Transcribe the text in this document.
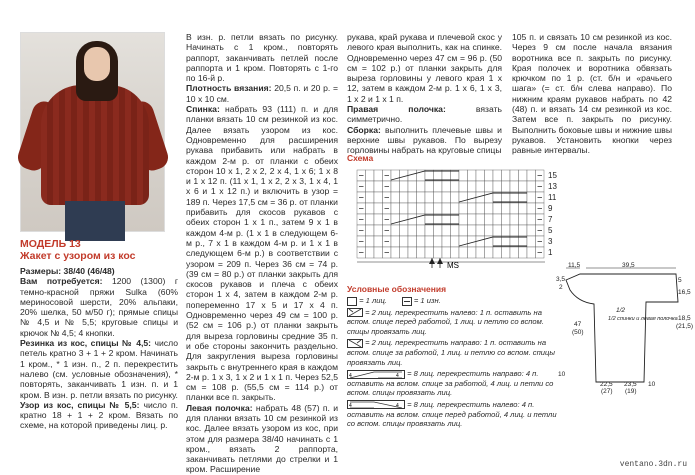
МОДЕЛЬ 13
Жакет с узором из кос

Размеры: 38/40 (46/48)

Вам потребуется: 1200 (1300) г темно-красной пряжи Sulka (60% мериносовой шерсти, 20% альпаки, 20% шелка, 50 м/50 г); прямые спицы № 4,5 и № 5,5; круговые спицы и крючок № 4,5; 4 кнопки.

Резинка из кос, спицы № 4,5: число петель кратно 3 + 1 + 2 кром. Начинать 1 кром., * 1 изн. п., 2 п. перекрестить налево (см. условные обозначения), * повторять, заканчивать 1 изн. п. и 1 кром. В изн. р. петли вязать по рисунку.

Узор из кос, спицы № 5,5: число п. кратно 18 + 1 + 2 кром. Вязать по схеме, на которой приведены лиц. р.

В изн. р. петли вязать по рисунку. Начинать с 1 кром., повторять раппорт, заканчивать петлей после раппорта и 1 кром. Повторять с 1-го по 16-й р.

Плотность вязания: 20,5 п. и 20 р. = 10 х 10 см.

Спинка: набрать 93 (111) п. и для планки вязать 10 см резинкой из кос. Далее вязать узором из кос. Одновременно для расширения рукава прибавить или набрать в каждом 2-м р. от планки с обеих сторон 10 х 1, 2 х 2, 2 х 4, 1 х 6; 1 х 8 и 1 х 12 п. (11 х 1, 1 х 2, 2 х 3, 1 х 4, 1 х 6 и 1 х 12 п.) и включить в узор = 189 п. Через 17,5 см = 36 р. от планки прибавить для скосов рукавов с обеих сторон 1 х 1 п., затем 9 х 1 в каждом 4-м р. (1 х 1 в следующем 6-м р., 7 х 1 в каждом 4-м р. и 1 х 1 в следующем 6-м р.) в соответствии с узором = 209 п. Через 36 см = 74 р. (39 см = 80 р.) от планки закрыть для скосов рукавов и плеча с обеих сторон 1 х 4, затем в каждом 2-м р. попеременно 17 х 5 и 17 х 4 п. Одновременно через 49 см = 100 р. (52 см = 106 р.) от планки закрыть для выреза горловины средние 35 п. и обе стороны закончить раздельно. Для закругления выреза горловины закрыть с внутреннего края в каждом 2-м р. 1 х 3, 1 х 2 и 1 х 1 п. Через 52,5 см = 108 р. (55,5 см = 114 р.) от планки все п. закрыть.

Левая полочка: набрать 48 (57) п. и для планки вязать 10 см резинкой из кос. Далее вязать узором из кос, при этом для размера 38/40 начинать с 1 кром., вязать 2 раппорта, заканчивать петлями до стрелки и 1 кром. Расширение

рукава, край рукава и плечевой скос у левого края выполнить, как на спинке. Одновременно через 47 см = 96 р. (50 см = 102 р.) от планки закрыть для выреза горловины у левого края 1 х 12, затем в каждом 2-м р. 1 х 6, 1 х 3, 1 х 2 и 1 х 1 п.

Правая полочка:	вязать симметрично.

Сборка: выполнить плечевые швы и верхние швы рукавов. По вырезу горловины набрать на круговые спицы

105 п. и связать 10 см резинкой из кос. Через 9 см после начала вязания воротника все п. закрыть по рисунку. Края полочек и воротника обвязать крючком по 1 р. (ст. б/н и «рачьего шага» (= ст. б/н слева направо). По нижним краям рукавов набрать по 42 (48) п. и вязать 14 см резинкой из кос. Затем все п. закрыть по рисунку. Выполнить боковые швы и нижние швы рукавов. Установить кнопки через равные интервалы.

Схема
15
13
11
9
7
5
3
1
MS
Условные обозначения
= 1 лиц.	= 1 изн.
= 2 лиц. перекрестить налево: 1 п. оставить на вспом. спице перед работой, 1 лиц. и петлю со вспом. спицы провязать лиц.
= 2 лиц. перекрестить направо: 1 п. оставить на вспом. спице за работой, 1 лиц. и петлю со вспом. спицы провязать лиц.
4	4 = 8 лиц. перекрестить направо: 4 п. оставить на вспом. спице за работой, 4 лиц. и петли со вспом. спицы провязать лиц.
4	4 = 8 лиц. перекрестить налево: 4 п. оставить на вспом. спице перед работой, 4 лиц. и петли со вспом. спицы провязать лиц.
11,5	39,5
3,5
2
5
1/2
1/2 спинки и левая полочка
47
(50)
16,5
18,5
(21,5)
10
22,5
(27)
23,5
(19)
10
ventano.3dn.ru
